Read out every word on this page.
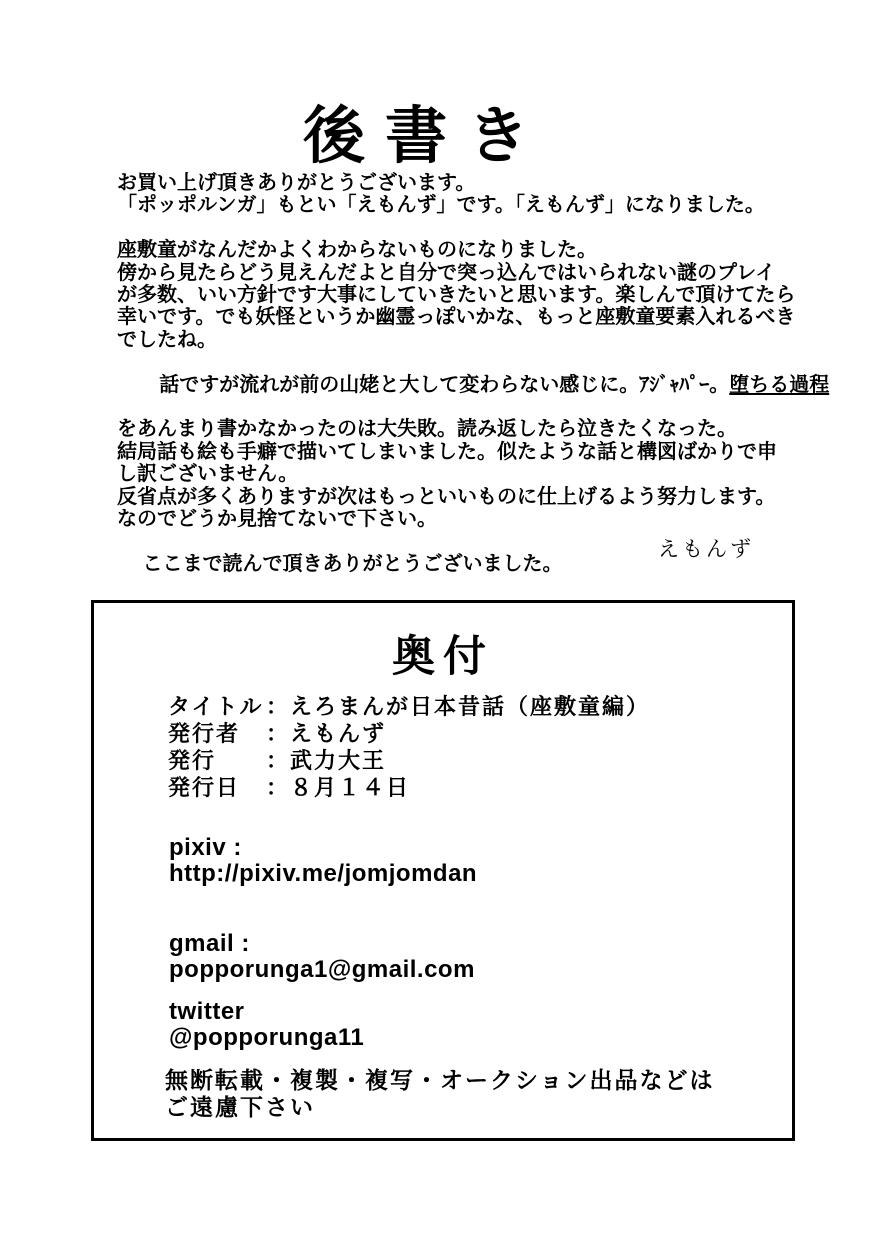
後書き
お買い上げ頂きありがとうございます。
「ポッポルンガ」もとい「えもんず」です。「えもんず」になりました。
座敷童がなんだかよくわからないものになりました。
傍から見たらどう見えんだよと自分で突っ込んではいられない謎のプレイ
が多数、いい方針です大事にしていきたいと思います。楽しんで頂けてたら
幸いです。でも妖怪というか幽霊っぽいかな、もっと座敷童要素入れるべき
でしたね。

　話ですが流れが前の山姥と大して変わらない感じに。ｱｼﾞｬﾊﾟｰ。堕ちる過程

をあんまり書かなかったのは大失敗。読み返したら泣きたくなった。
結局話も絵も手癖で描いてしまいました。似たような話と構図ばかりで申
し訳ございません。
反省点が多くありますが次はもっといいものに仕上げるよう努力します。
なのでどうか見捨てないで下さい。
　 ここまで読んで頂きありがとうございました。
えもんず
奥付
タイトル ： えろまんが日本昔話（座敷童編）
発行者	： えもんず
発行	： 武力大王
発行日	： ８月１４日
pixiv :
http://pixiv.me/jomjomdan
gmail :
popporunga1@gmail.com
twitter
@popporunga11
無断転載・複製・複写・オークション出品などは
ご遠慮下さい
